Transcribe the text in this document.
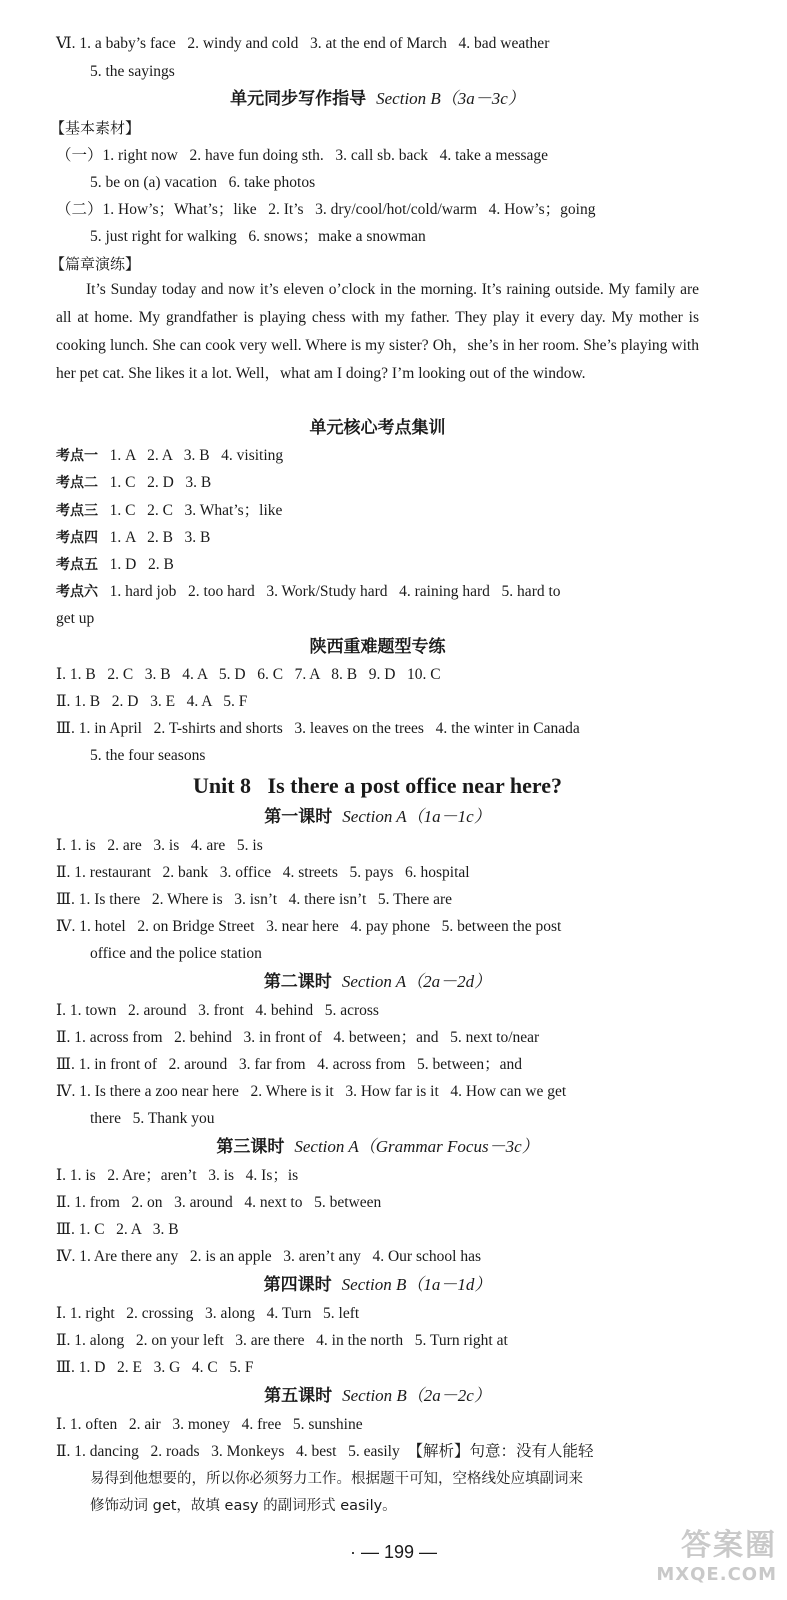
Ⅵ. 1. a baby’s face   2. windy and cold   3. at the end of March   4. bad weather
5. the sayings
单元同步写作指导 Section B（3a－3c）
【基本素材】
（一）1. right now   2. have fun doing sth.   3. call sb. back   4. take a message
5. be on (a) vacation   6. take photos
（二）1. How’s；What’s；like   2. It’s   3. dry/cool/hot/cold/warm   4. How’s；going
5. just right for walking   6. snows；make a snowman
【篇章演练】
It’s Sunday today and now it’s eleven o’clock in the morning. It’s raining outside. My family are all at home. My grandfather is playing chess with my father. They play it every day. My mother is cooking lunch. She can cook very well. Where is my sister? Oh，she’s in her room. She’s playing with her pet cat. She likes it a lot. Well，what am I doing? I’m looking out of the window.
单元核心考点集训
考点一 1. A   2. A   3. B   4. visiting
考点二 1. C   2. D   3. B
考点三 1. C   2. C   3. What’s；like
考点四 1. A   2. B   3. B
考点五 1. D   2. B
考点六 1. hard job   2. too hard   3. Work/Study hard   4. raining hard   5. hard to
get up
陕西重难题型专练
Ⅰ. 1. B   2. C   3. B   4. A   5. D   6. C   7. A   8. B   9. D   10. C
Ⅱ. 1. B   2. D   3. E   4. A   5. F
Ⅲ. 1. in April   2. T-shirts and shorts   3. leaves on the trees   4. the winter in Canada
5. the four seasons
Unit 8   Is there a post office near here?
第一课时 Section A（1a－1c）
Ⅰ. 1. is   2. are   3. is   4. are   5. is
Ⅱ. 1. restaurant   2. bank   3. office   4. streets   5. pays   6. hospital
Ⅲ. 1. Is there   2. Where is   3. isn’t   4. there isn’t   5. There are
Ⅳ. 1. hotel   2. on Bridge Street   3. near here   4. pay phone   5. between the post
office and the police station
第二课时 Section A（2a－2d）
Ⅰ. 1. town   2. around   3. front   4. behind   5. across
Ⅱ. 1. across from   2. behind   3. in front of   4. between；and   5. next to/near
Ⅲ. 1. in front of   2. around   3. far from   4. across from   5. between；and
Ⅳ. 1. Is there a zoo near here   2. Where is it   3. How far is it   4. How can we get
there   5. Thank you
第三课时 Section A（Grammar Focus－3c）
Ⅰ. 1. is   2. Are；aren’t   3. is   4. Is；is
Ⅱ. 1. from   2. on   3. around   4. next to   5. between
Ⅲ. 1. C   2. A   3. B
Ⅳ. 1. Are there any   2. is an apple   3. aren’t any   4. Our school has
第四课时 Section B（1a－1d）
Ⅰ. 1. right   2. crossing   3. along   4. Turn   5. left
Ⅱ. 1. along   2. on your left   3. are there   4. in the north   5. Turn right at
Ⅲ. 1. D   2. E   3. G   4. C   5. F
第五课时 Section B（2a－2c）
Ⅰ. 1. often   2. air   3. money   4. free   5. sunshine
Ⅱ. 1. dancing   2. roads   3. Monkeys   4. best   5. easily  【解析】句意：没有人能轻
易得到他想要的，所以你必须努力工作。根据题干可知，空格线处应填副词来
修饰动词 get，故填 easy 的副词形式 easily。
· — 199 —	答案圈
MXQE.COM
